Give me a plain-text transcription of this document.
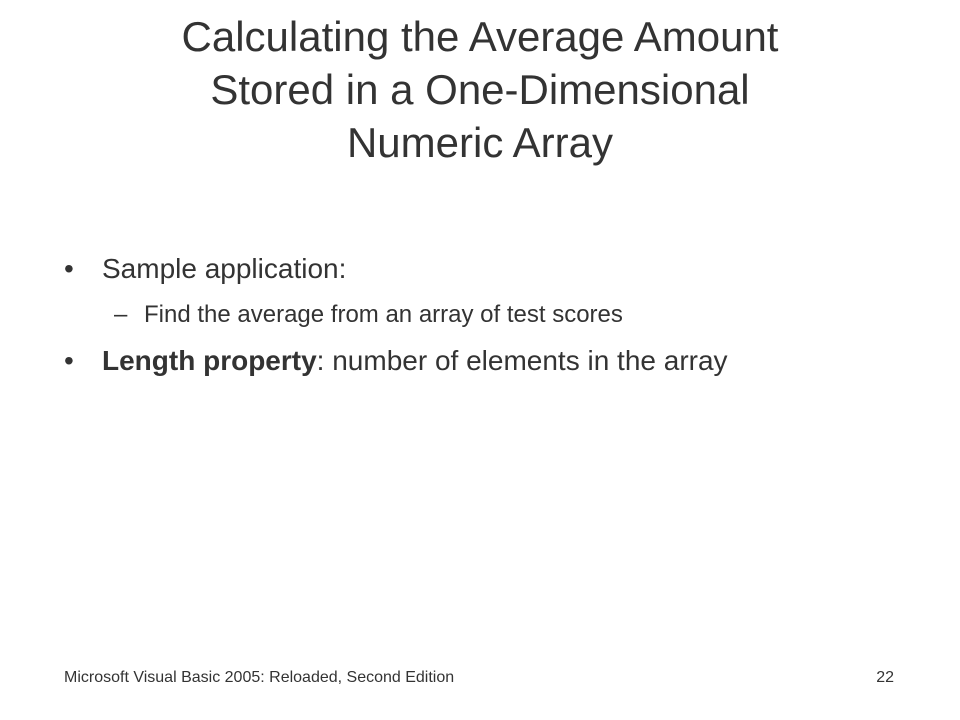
Calculating the Average Amount
Stored in a One-Dimensional
Numeric Array
•	Sample application:
– Find the average from an array of test scores
•	Length property: number of elements in the array
Microsoft Visual Basic 2005: Reloaded, Second Edition	22
